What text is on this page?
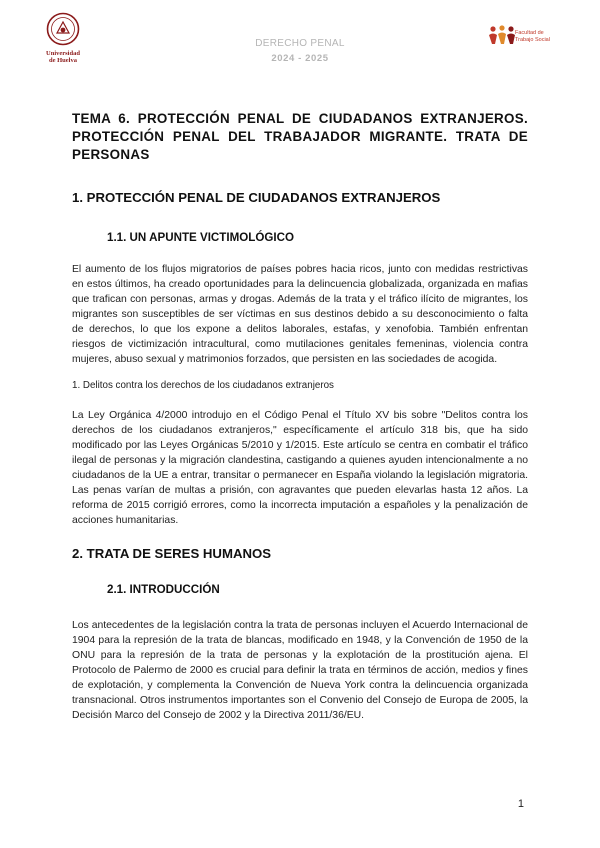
Universidad
de Huelva
DERECHO PENAL
2024 - 2025
Facultad de
Trabajo Social
TEMA 6. PROTECCIÓN PENAL DE CIUDADANOS EXTRANJEROS. PROTECCIÓN PENAL DEL TRABAJADOR MIGRANTE. TRATA DE PERSONAS
1. PROTECCIÓN PENAL DE CIUDADANOS EXTRANJEROS
1.1. UN APUNTE VICTIMOLÓGICO

El aumento de los flujos migratorios de países pobres hacia ricos, junto con medidas restrictivas en estos últimos, ha creado oportunidades para la delincuencia globalizada, organizada en mafias que trafican con personas, armas y drogas. Además de la trata y el tráfico ilícito de migrantes, los migrantes son susceptibles de ser víctimas en sus destinos debido a su desconocimiento o falta de derechos, lo que los expone a delitos laborales, estafas, y xenofobia. También enfrentan riesgos de victimización intracultural, como mutilaciones genitales femeninas, violencia contra mujeres, abuso sexual y matrimonios forzados, que persisten en las sociedades de acogida.

1. Delitos contra los derechos de los ciudadanos extranjeros

La Ley Orgánica 4/2000 introdujo en el Código Penal el Título XV bis sobre "Delitos contra los derechos de los ciudadanos extranjeros," específicamente el artículo 318 bis, que ha sido modificado por las Leyes Orgánicas 5/2010 y 1/2015. Este artículo se centra en combatir el tráfico ilegal de personas y la migración clandestina, castigando a quienes ayuden intencionalmente a no ciudadanos de la UE a entrar, transitar o permanecer en España violando la legislación migratoria. Las penas varían de multas a prisión, con agravantes que pueden elevarlas hasta 12 años. La reforma de 2015 corrigió errores, como la incorrecta imputación a españoles y la penalización de acciones humanitarias.

2. TRATA DE SERES HUMANOS
2.1. INTRODUCCIÓN

Los antecedentes de la legislación contra la trata de personas incluyen el Acuerdo Internacional de 1904 para la represión de la trata de blancas, modificado en 1948, y la Convención de 1950 de la ONU para la represión de la trata de personas y la explotación de la prostitución ajena. El Protocolo de Palermo de 2000 es crucial para definir la trata en términos de acción, medios y fines de explotación, y complementa la Convención de Nueva York contra la delincuencia organizada transnacional. Otros instrumentos importantes son el Convenio del Consejo de Europa de 2005, la Decisión Marco del Consejo de 2002 y la Directiva 2011/36/EU.

1
